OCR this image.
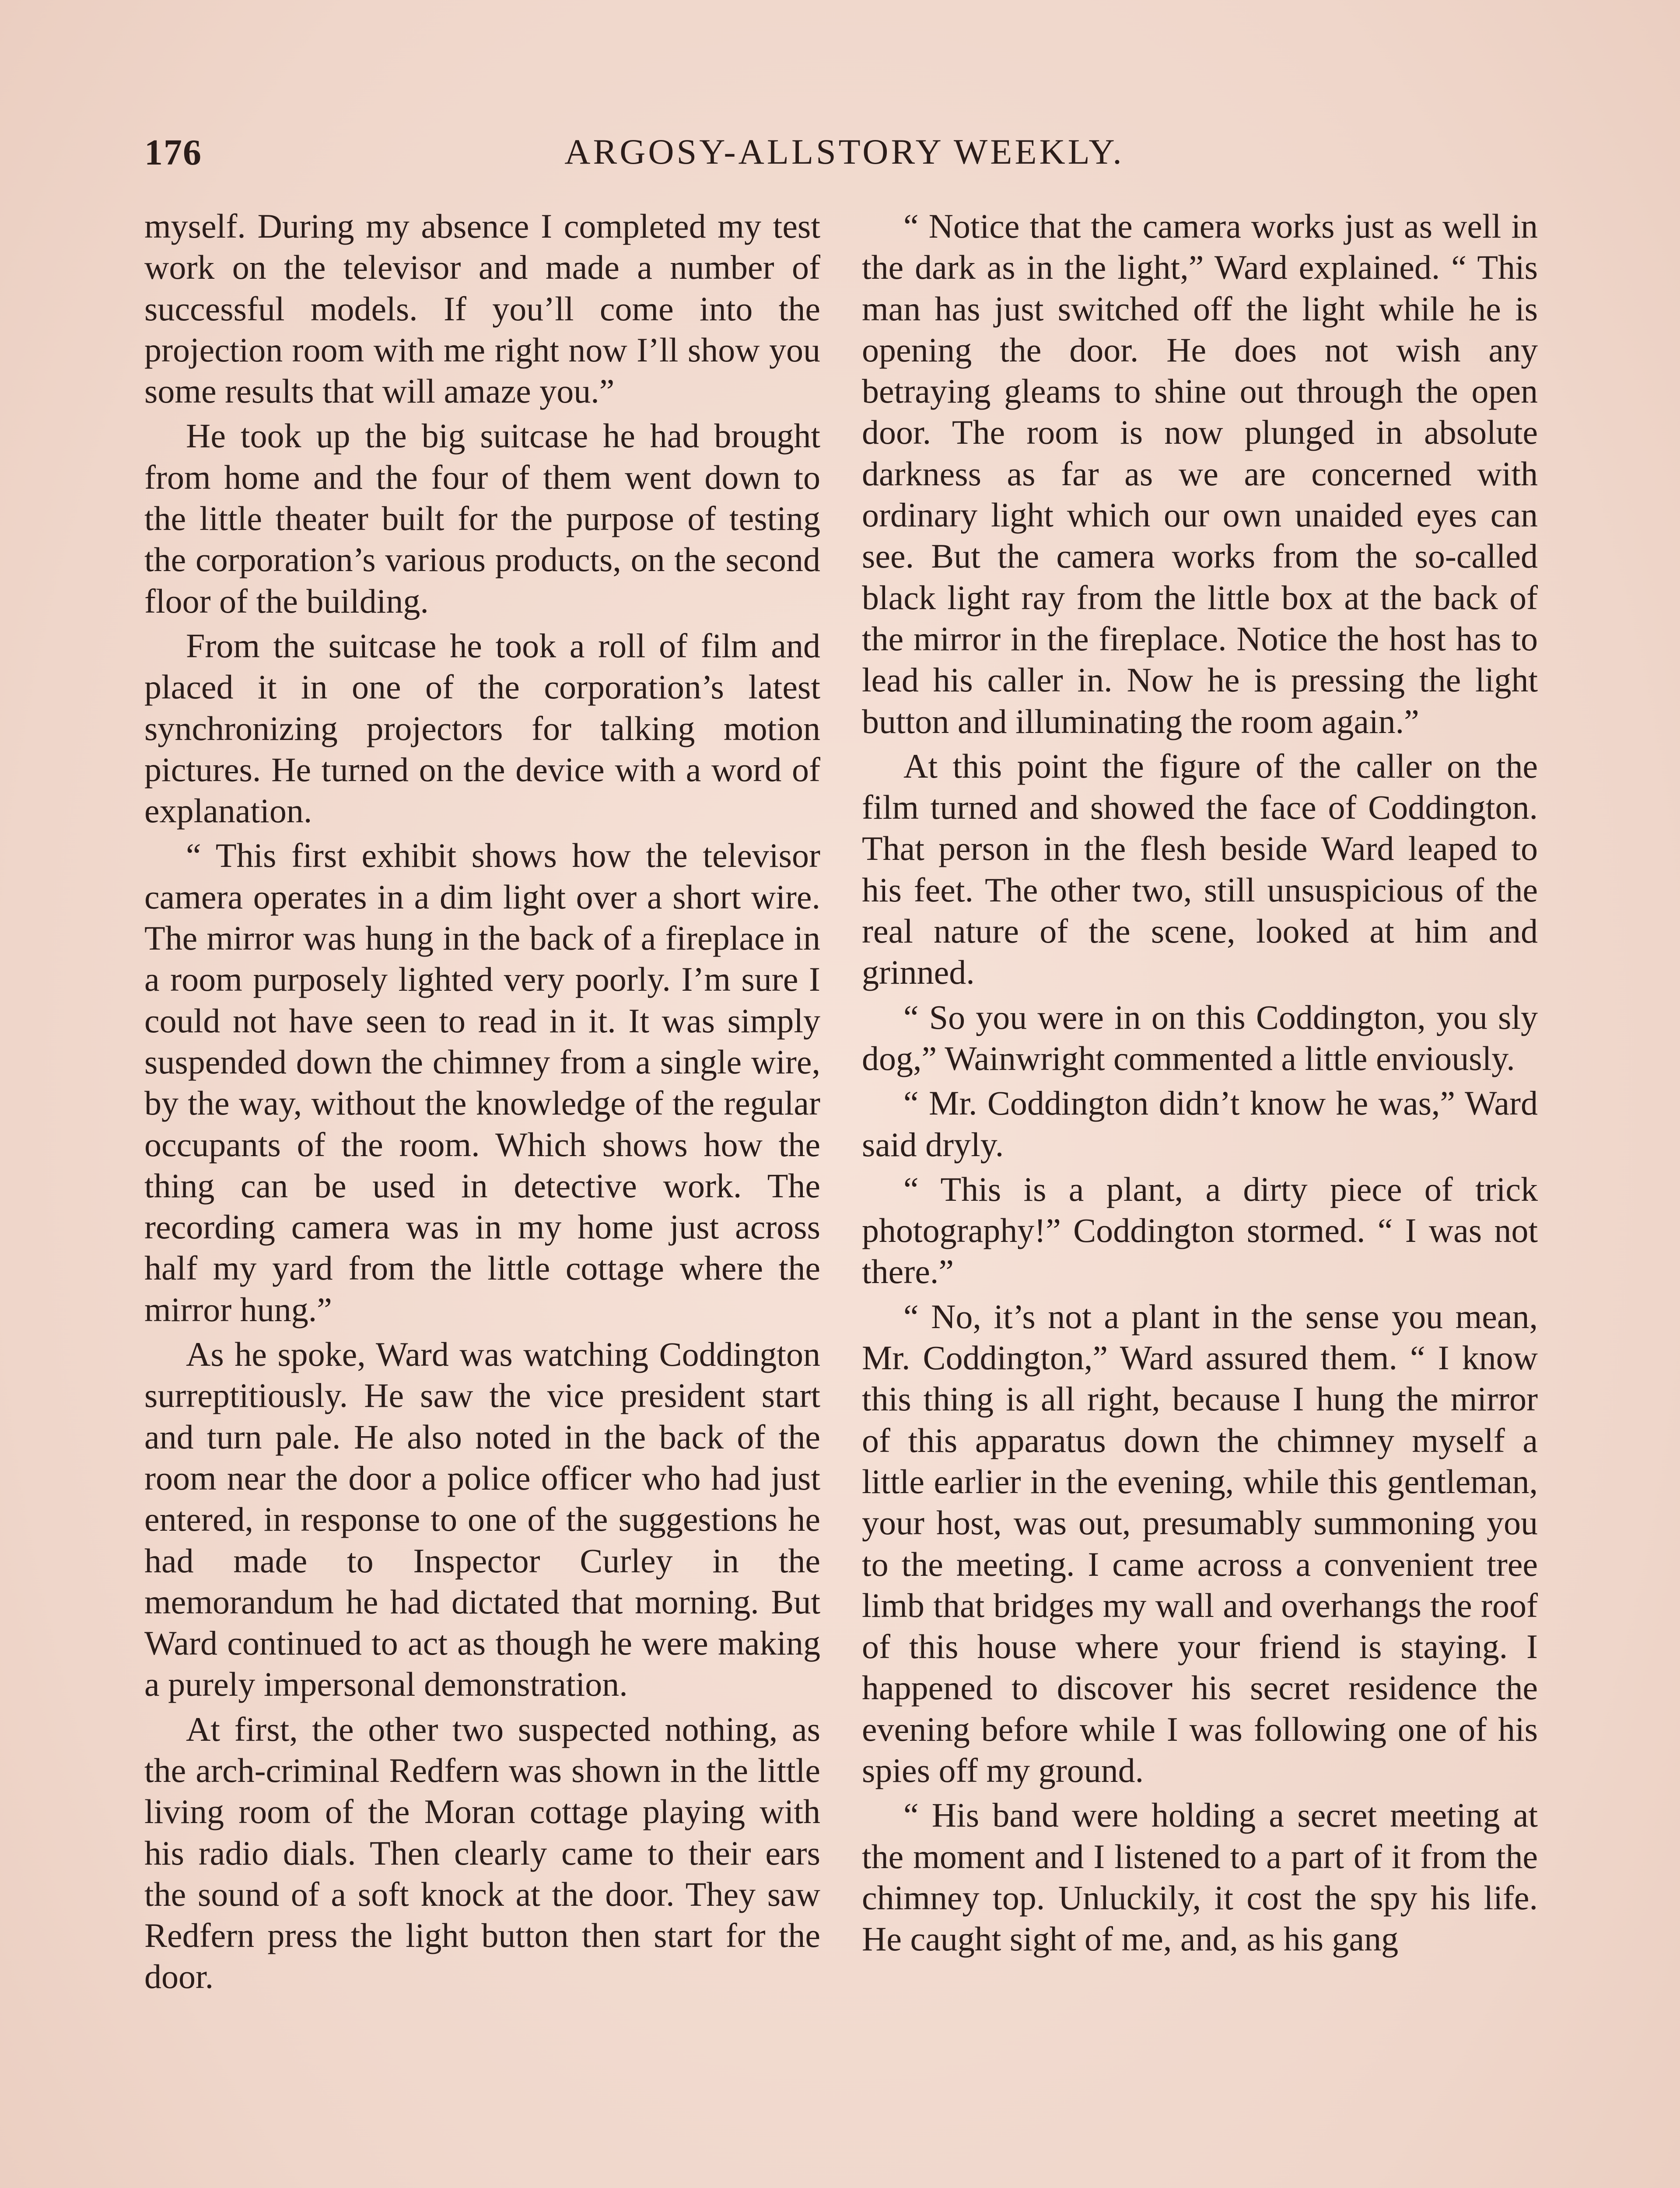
176	ARGOSY-ALLSTORY WEEKLY.

myself. During my absence I completed my test work on the televisor and made a number of successful models. If you’ll come into the projection room with me right now I’ll show you some results that will amaze you.”

He took up the big suitcase he had brought from home and the four of them went down to the little theater built for the purpose of testing the corporation’s various products, on the second floor of the building.

From the suitcase he took a roll of film and placed it in one of the corporation’s latest synchronizing projectors for talking motion pictures. He turned on the device with a word of explanation.

“ This first exhibit shows how the televisor camera operates in a dim light over a short wire. The mirror was hung in the back of a fireplace in a room purposely lighted very poorly. I’m sure I could not have seen to read in it. It was simply suspended down the chimney from a single wire, by the way, without the knowledge of the regular occupants of the room. Which shows how the thing can be used in detective work. The recording camera was in my home just across half my yard from the little cottage where the mirror hung.”

As he spoke, Ward was watching Coddington surreptitiously. He saw the vice president start and turn pale. He also noted in the back of the room near the door a police officer who had just entered, in response to one of the suggestions he had made to Inspector Curley in the memorandum he had dictated that morning. But Ward continued to act as though he were making a purely impersonal demonstration.

At first, the other two suspected nothing, as the arch-criminal Redfern was shown in the little living room of the Moran cottage playing with his radio dials. Then clearly came to their ears the sound of a soft knock at the door. They saw Redfern press the light button then start for the door.

“ Notice that the camera works just as well in the dark as in the light,” Ward explained. “ This man has just switched off the light while he is opening the door. He does not wish any betraying gleams to shine out through the open door. The room is now plunged in absolute darkness as far as we are concerned with ordinary light which our own unaided eyes can see. But the camera works from the so-called black light ray from the little box at the back of the mirror in the fireplace. Notice the host has to lead his caller in. Now he is pressing the light button and illuminating the room again.”

At this point the figure of the caller on the film turned and showed the face of Coddington. That person in the flesh beside Ward leaped to his feet. The other two, still unsuspicious of the real nature of the scene, looked at him and grinned.

“ So you were in on this Coddington, you sly dog,” Wainwright commented a little enviously.

“ Mr. Coddington didn’t know he was,” Ward said dryly.

“ This is a plant, a dirty piece of trick photography!” Coddington stormed. “ I was not there.”

“ No, it’s not a plant in the sense you mean, Mr. Coddington,” Ward assured them. “ I know this thing is all right, because I hung the mirror of this apparatus down the chimney myself a little earlier in the evening, while this gentleman, your host, was out, presumably summoning you to the meeting. I came across a convenient tree limb that bridges my wall and overhangs the roof of this house where your friend is staying. I happened to discover his secret residence the evening before while I was following one of his spies off my ground.

“ His band were holding a secret meeting at the moment and I listened to a part of it from the chimney top. Unluckily, it cost the spy his life. He caught sight of me, and, as his gang
